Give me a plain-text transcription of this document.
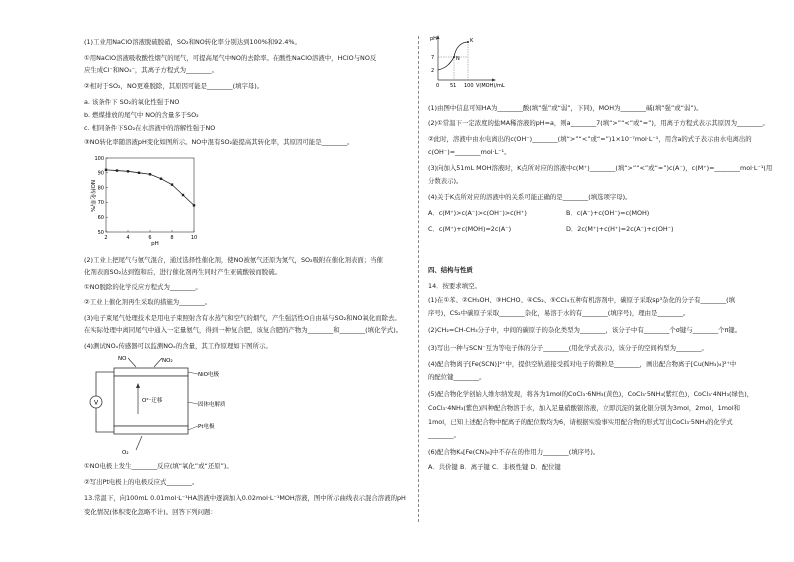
(1)工业用NaClO溶液脱硫脱硝，SO₂和NO转化率分别达到100%和92.4%。
①用NaClO溶液吸收酸性烟气的尾气，可提高尾气中NO的去除率。在酸性NaClO溶液中，HClO与NO反
应生成Cl⁻和NO₃⁻，其离子方程式为________。
②相对于SO₂，NO更难脱除，其原因可能是________(填字母)。
a. 该条件下 SO₂的氧化性强于NO
b. 燃煤排放的尾气中 NO的含量多于SO₂
c. 相同条件下SO₂在水溶液中的溶解性强于NO
③NO转化率随溶液pH变化如图所示。NO中混有SO₂能提高其转化率，其原因可能是________。
100
90
80
70
60
50
2	4	6	8	10
NO转化率/%
pH
(2)工业上把尾气与氨气混合，通过选择性催化剂，使NO被氨气还原为氮气，SO₂吸附在催化剂表面；当催
化剂表面SO₂达到饱和后，进行催化剂再生同时产生亚硫酸铵而脱硫。
①NO脱除的化学反应方程式为________。
②工业上催化剂再生采取的措施为________。
(3)电子束尾气处理技术是用电子束照射含有水蒸气和空气的烟气，产生强活性O自由基与SO₂和NO氧化而除去。
在实际处理中离同尾气中通入一定量氨气，得到一种复合肥，该复合肥的产物为________和________(填化学式)。
(4)测试NOₓ传感器可以监测NOₓ的含量，其工作原理如下图所示。
V
NO	NO₂
O₂
O²⁻迁移
NiO电极
固体电解质
Pt电极
①NO电极上发生________反应(填“氧化”或“还原”)。
②写出Pt电极上的电极反应式________。
13.常温下，向100mL 0.01mol·L⁻¹HA溶液中逐滴加入0.02mol·L⁻¹MOH溶液，图中所示曲线表示混合溶液的pH
变化情况(体积变化忽略不计)。回答下列问题：
pH
7
2
N
K
0 51 100 V(MOH)/mL
(1)由图中信息可知HA为________酸(填“强”或“弱”，下同)，MOH为________碱(填“强”或“弱”)。
(2)①常温下一定浓度的盐MA稀溶液的pH=a，则a________7(填“>”“<”或“=”)，用离子方程式表示其原因为________。
②此时，溶液中由水电离出的c(OH⁻)________(填“>”“<”或“=”)1×10⁻⁷mol·L⁻¹，用含a的式子表示由水电离出的
c(OH⁻)=________mol·L⁻¹。
(3)向加入51mL MOH溶液时，K点所对应的溶液中c(M⁺)________(填“>”“<”或“=”)c(A⁻)，c(M⁺)=________mol·L⁻¹(用
分数表示)。
(4)关于K点所对应的溶液中的关系可能正确的是________(填选项字母)。
A．c(M⁺)>c(A⁻)>c(OH⁻)>c(H⁺)	B．c(A⁻)+c(OH⁻)=c(MOH)
C．c(M⁺)+c(MOH)=2c(A⁻)	D．2c(M⁺)+c(H⁺)=2c(A⁻)+c(OH⁻)
四、结构与性质
14．按要求填空。
(1)在①苯、②CH₃OH、③HCHO、④CS₂、⑤CCl₄五种有机溶剂中，碳原子采取sp³杂化的分子有________(填
序号)，CS₂中碳原子采取________杂化，易溶于水的有________(填序号)，理由是________。
(2)CH₂=CH-CH₃分子中，中间的碳原子的杂化类型为________，该分子中有________个σ键与________个π键。
(3)写出一种与SCN⁻互为等电子体的分子________(用化学式表示)，该分子的空间构型为________。
(4)配合物离子[Fe(SCN)]²⁺中，提供空轨道接受孤对电子的微粒是________，画出配合物离子[Cu(NH₃)₄]²⁺中
的配位键________。
(5)配合物化学创始人维尔纳发现，将各为1mol的CoCl₃·6NH₃(黄色)，CoCl₃·5NH₃(紫红色)，CoCl₃·4NH₃(绿色)，
CoCl₃·4NH₃(紫色)四种配合物溶于水，加入足量硝酸银溶液，立即沉淀的氯化银分别为3mol，2mol，1mol和
1mol，已知上述配合物中配离子的配位数均为6，请根据实验事实用配合物的形式写出CoCl₃·5NH₃的化学式
________。
(6)配合物K₄[Fe(CN)₆]中不存在的作用力________(填序号)。
A．共价键 B．离子键 C．非极性键 D．配位键
